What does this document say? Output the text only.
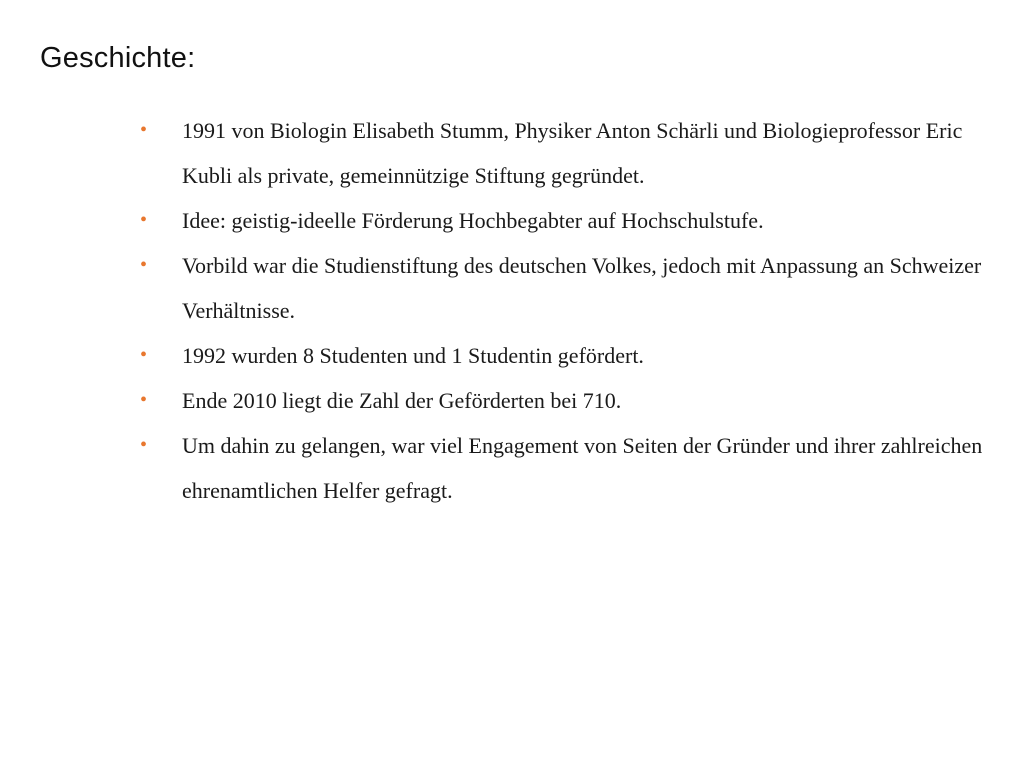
Geschichte:
•	1991 von Biologin Elisabeth Stumm, Physiker Anton Schärli und Biologieprofessor Eric Kubli als private, gemeinnützige Stiftung gegründet.
•	Idee: geistig-ideelle Förderung Hochbegabter auf Hochschulstufe.
•	Vorbild war die Studienstiftung des deutschen Volkes, jedoch mit Anpassung an Schweizer Verhältnisse.
•	1992 wurden 8 Studenten und 1 Studentin gefördert.
•	Ende 2010 liegt die Zahl der Geförderten bei 710.
•	Um dahin zu gelangen, war viel Engagement von Seiten der Gründer und ihrer zahlreichen ehrenamtlichen Helfer gefragt.
